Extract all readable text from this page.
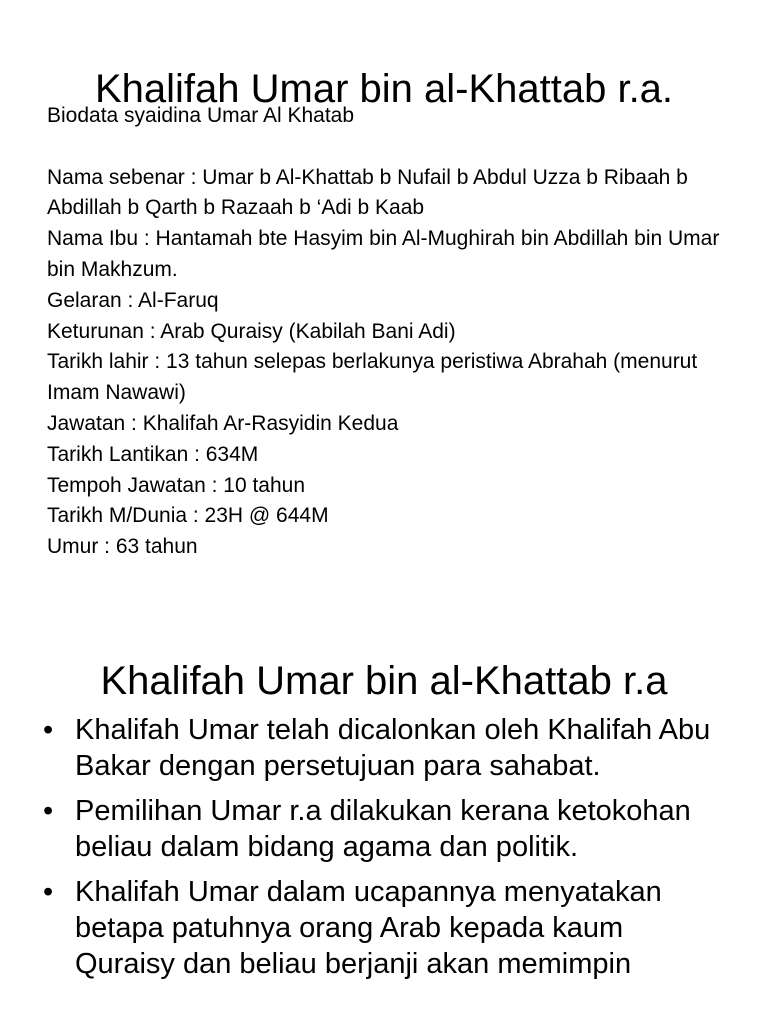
Khalifah Umar bin al-Khattab r.a.

Biodata syaidina Umar Al Khatab

Nama sebenar : Umar b Al-Khattab b Nufail b Abdul Uzza b Ribaah b Abdillah b Qarth b Razaah b ‘Adi b Kaab
Nama Ibu : Hantamah bte Hasyim bin Al-Mughirah bin Abdillah bin Umar bin Makhzum.
Gelaran : Al-Faruq
Keturunan : Arab Quraisy (Kabilah Bani Adi)
Tarikh lahir : 13 tahun selepas berlakunya peristiwa Abrahah (menurut Imam Nawawi)
Jawatan : Khalifah Ar-Rasyidin Kedua
Tarikh Lantikan : 634M
Tempoh Jawatan : 10 tahun
Tarikh M/Dunia : 23H @ 644M
Umur : 63 tahun
Khalifah Umar bin al-Khattab r.a
• Khalifah Umar telah dicalonkan oleh Khalifah Abu Bakar dengan persetujuan para sahabat.
• Pemilihan Umar r.a dilakukan kerana ketokohan beliau dalam bidang agama dan politik.
• Khalifah Umar dalam ucapannya menyatakan betapa patuhnya orang Arab kepada kaum Quraisy dan beliau berjanji akan memimpin
